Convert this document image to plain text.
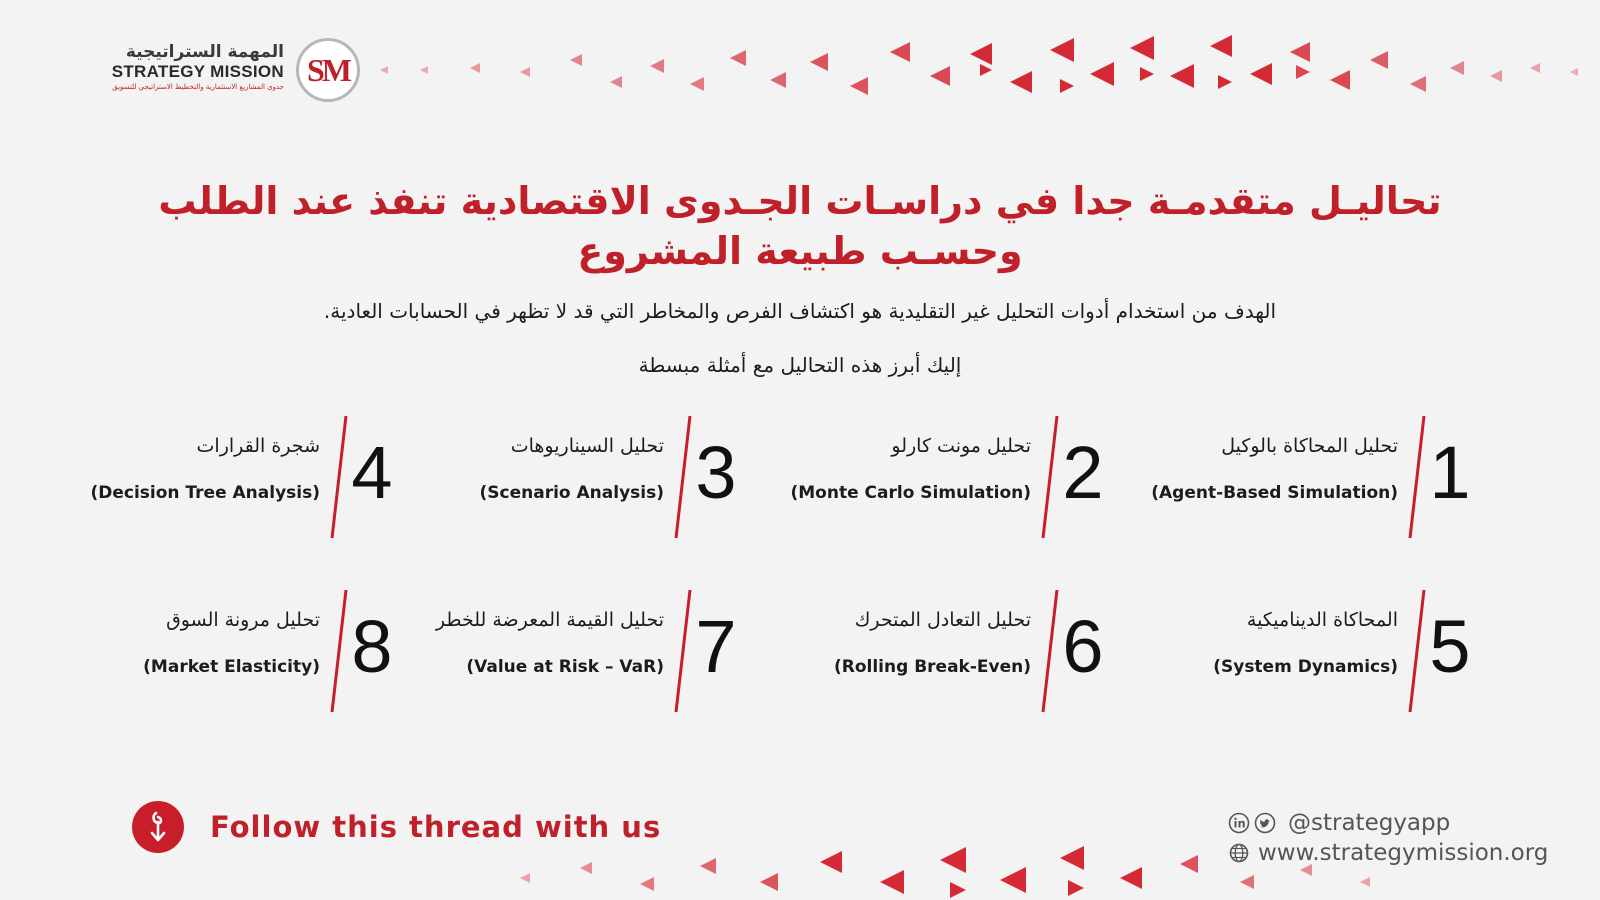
المهمة الستراتيجية
STRATEGY MISSION
جدوى المشاريع الاستثمارية والتخطيط الاستراتيجي للتسويق SM
تحاليـل متقدمـة جدا في دراسـات الجـدوى الاقتصادية تنفذ عند الطلب وحسـب طبيعة المشروع
الهدف من استخدام أدوات التحليل غير التقليدية هو اكتشاف الفرص والمخاطر التي قد لا تظهر في الحسابات العادية.
إليك أبرز هذه التحاليل مع أمثلة مبسطة
1
تحليل المحاكاة بالوكيل
(Agent-Based Simulation)
2
تحليل مونت كارلو
(Monte Carlo Simulation)
3
تحليل السيناريوهات
(Scenario Analysis)
4
شجرة القرارات
(Decision Tree Analysis)
5
المحاكاة الديناميكية
(System Dynamics)
6
تحليل التعادل المتحرك
(Rolling Break-Even)
7
تحليل القيمة المعرضة للخطر
(Value at Risk – VaR)
8
تحليل مرونة السوق
(Market Elasticity)
Follow this thread with us	@strategyapp
www.strategymission.org
